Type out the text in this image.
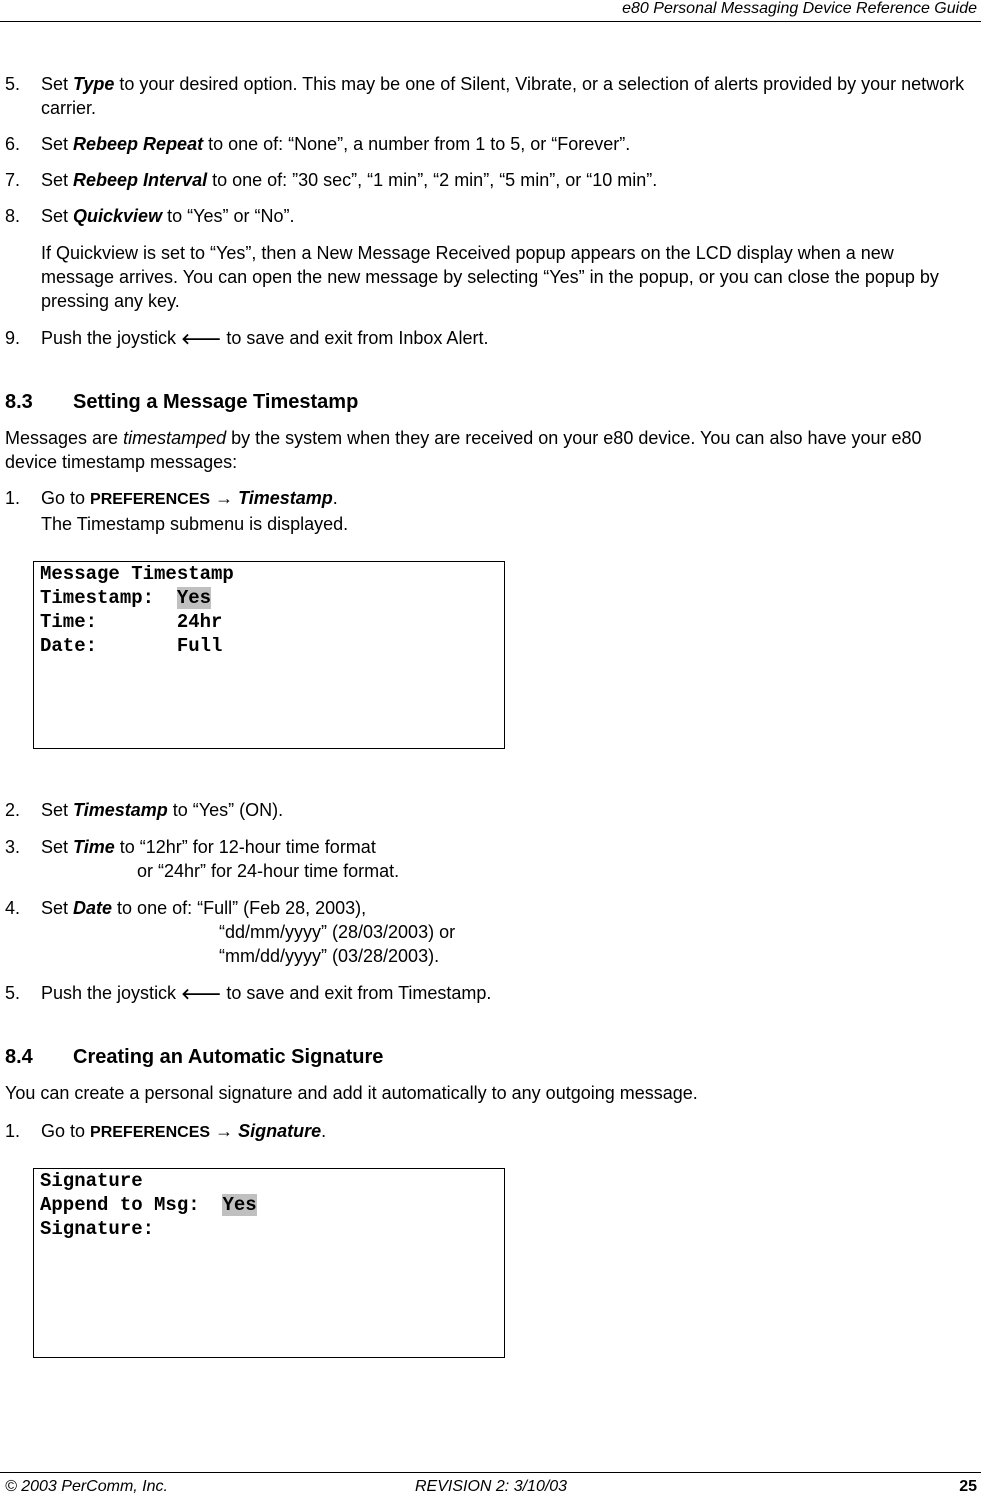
e80 Personal Messaging Device Reference Guide
5. Set Type to your desired option. This may be one of Silent, Vibrate, or a selection of alerts provided by your network carrier.
6. Set Rebeep Repeat to one of: “None”, a number from 1 to 5, or “Forever”.
7. Set Rebeep Interval to one of: ”30 sec”, “1 min”, “2 min”, “5 min”, or “10 min”.
8. Set Quickview to “Yes” or “No”.
If Quickview is set to “Yes”, then a New Message Received popup appears on the LCD display when a new message arrives. You can open the new message by selecting “Yes” in the popup, or you can close the popup by pressing any key.
9. Push the joystick 🡐 to save and exit from Inbox Alert.
8.3 Setting a Message Timestamp
Messages are timestamped by the system when they are received on your e80 device. You can also have your e80 device timestamp messages:
1. Go to PREFERENCES → Timestamp.
The Timestamp submenu is displayed.
Message Timestamp
Timestamp:  Yes
Time:       24hr
Date:       Full
2. Set Timestamp to “Yes” (ON).
3. Set Time to “12hr” for 12-hour time format
or “24hr” for 24-hour time format.
4. Set Date to one of: “Full” (Feb 28, 2003),
“dd/mm/yyyy” (28/03/2003) or
“mm/dd/yyyy” (03/28/2003).
5. Push the joystick 🡐 to save and exit from Timestamp.
8.4 Creating an Automatic Signature
You can create a personal signature and add it automatically to any outgoing message.
1. Go to PREFERENCES → Signature.
Signature
Append to Msg:  Yes
Signature:
© 2003 PerComm, Inc.	REVISION 2: 3/10/03	25
